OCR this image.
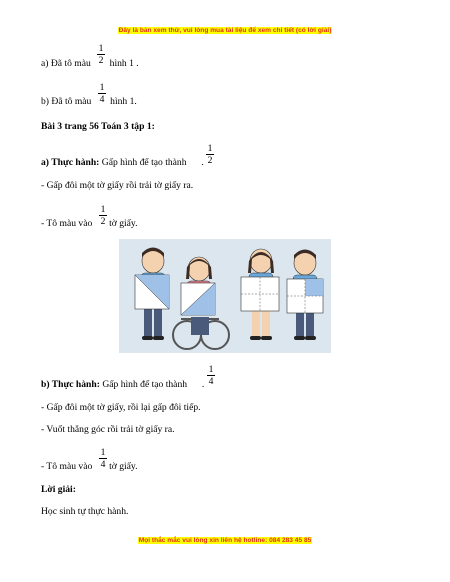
Đây là bản xem thử, vui lòng mua tài liệu để xem chi tiết (có lời giải)
1
2
a) Đã tô màu hình 1 .
1
4
b) Đã tô màu hình 1.
Bài 3 trang 56 Toán 3 tập 1:
1
2
a) Thực hành: Gấp hình để tạo thành .
- Gấp đôi một tờ giấy rồi trải tờ giấy ra.
1
2
- Tô màu vào tờ giấy.
1
4
b) Thực hành: Gấp hình để tạo thành .
- Gấp đôi một tờ giấy, rồi lại gấp đôi tiếp.
- Vuốt thẳng góc rồi trải tờ giấy ra.
1
4
- Tô màu vào tờ giấy.
Lời giải:
Học sinh tự thực hành.
Mọi thắc mắc vui lòng xin liên hệ hotline: 084 283 45 85
